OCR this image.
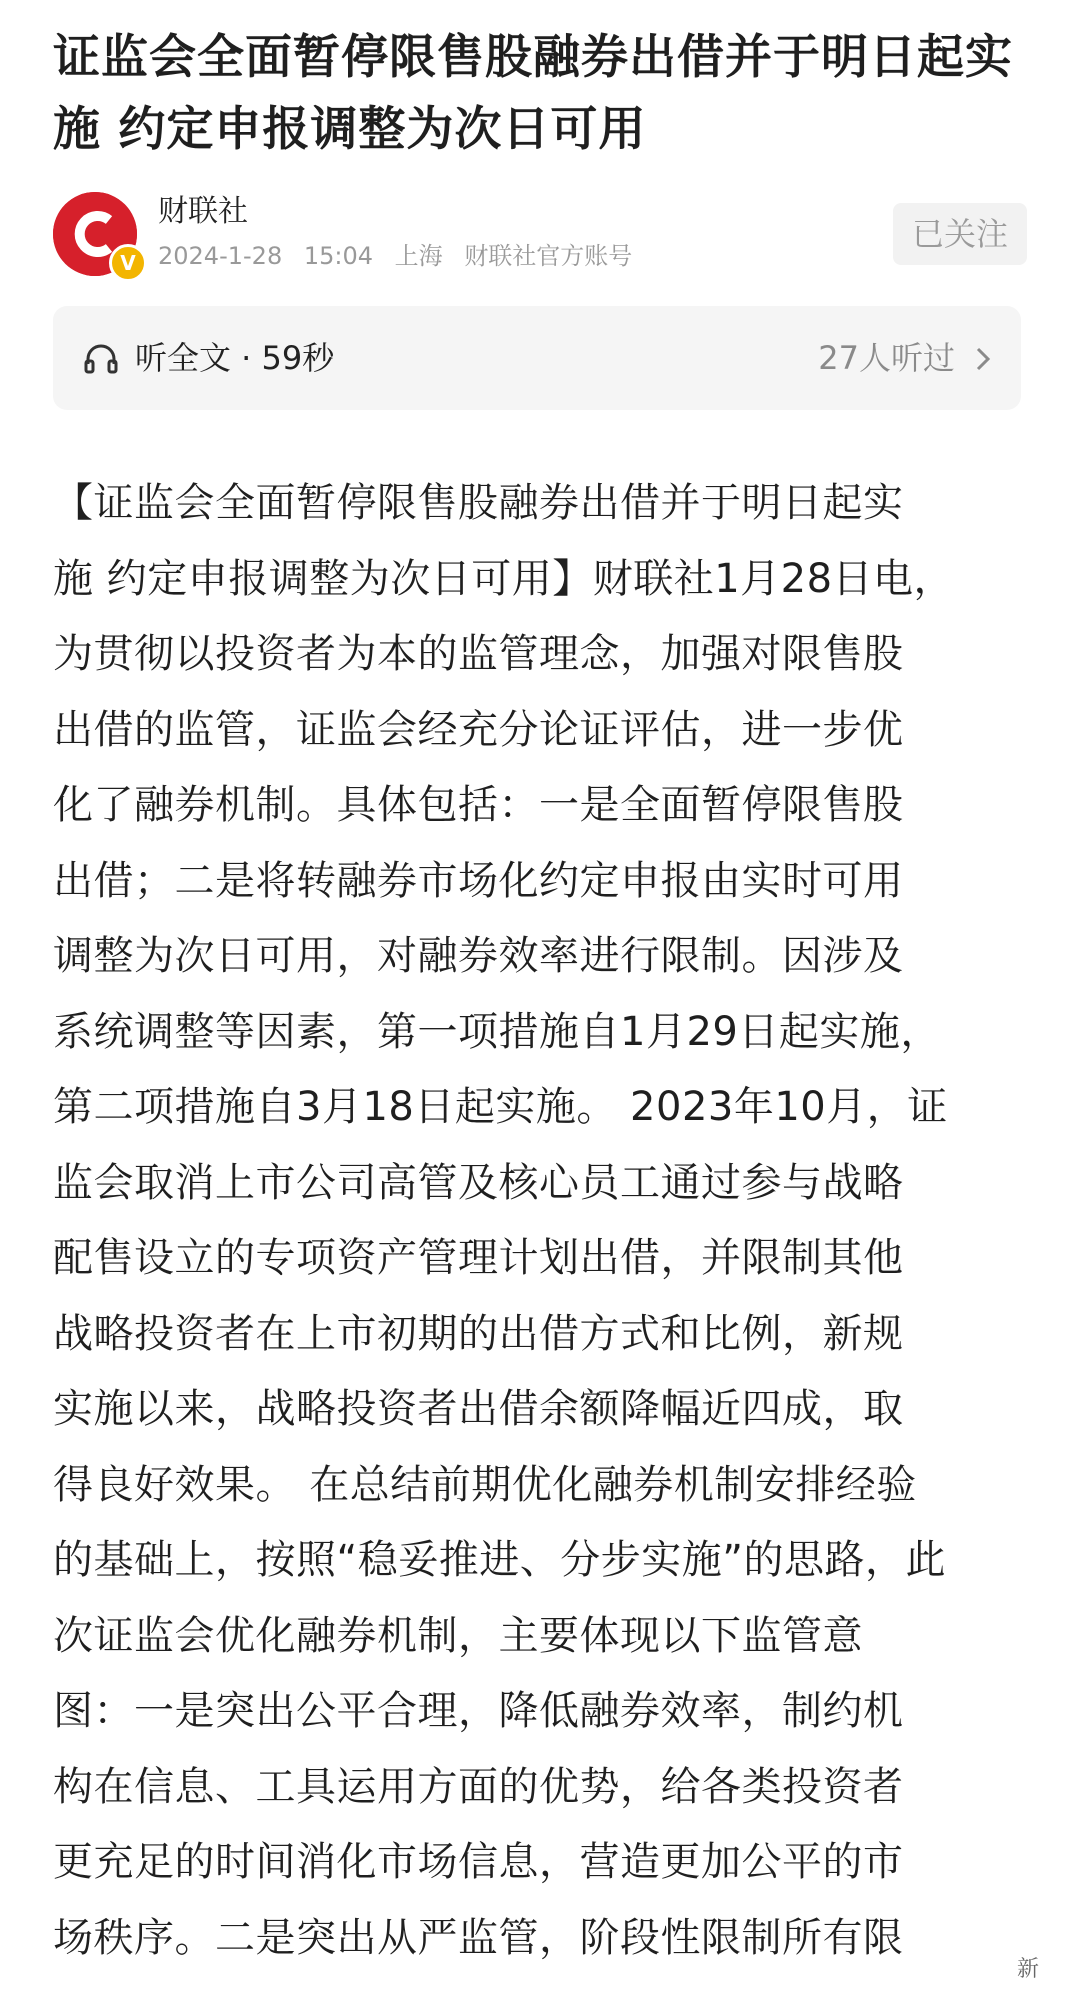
证监会全面暂停限售股融券出借并于明日起实施 约定申报调整为次日可用
V
财联社
2024-1-28 15:04 上海 财联社官方账号
已关注
听全文 · 59秒	27人听过
【证监会全面暂停限售股融券出借并于明日起实
施 约定申报调整为次日可用】财联社1月28日电，
为贯彻以投资者为本的监管理念，加强对限售股
出借的监管，证监会经充分论证评估，进一步优
化了融券机制。具体包括：一是全面暂停限售股
出借；二是将转融券市场化约定申报由实时可用
调整为次日可用，对融券效率进行限制。因涉及
系统调整等因素，第一项措施自1月29日起实施，
第二项措施自3月18日起实施。 2023年10月，证
监会取消上市公司高管及核心员工通过参与战略
配售设立的专项资产管理计划出借，并限制其他
战略投资者在上市初期的出借方式和比例，新规
实施以来，战略投资者出借余额降幅近四成，取
得良好效果。 在总结前期优化融券机制安排经验
的基础上，按照“稳妥推进、分步实施”的思路，此
次证监会优化融券机制，主要体现以下监管意
图：一是突出公平合理，降低融券效率，制约机
构在信息、工具运用方面的优势，给各类投资者
更充足的时间消化市场信息，营造更加公平的市
场秩序。二是突出从严监管，阶段性限制所有限
新
